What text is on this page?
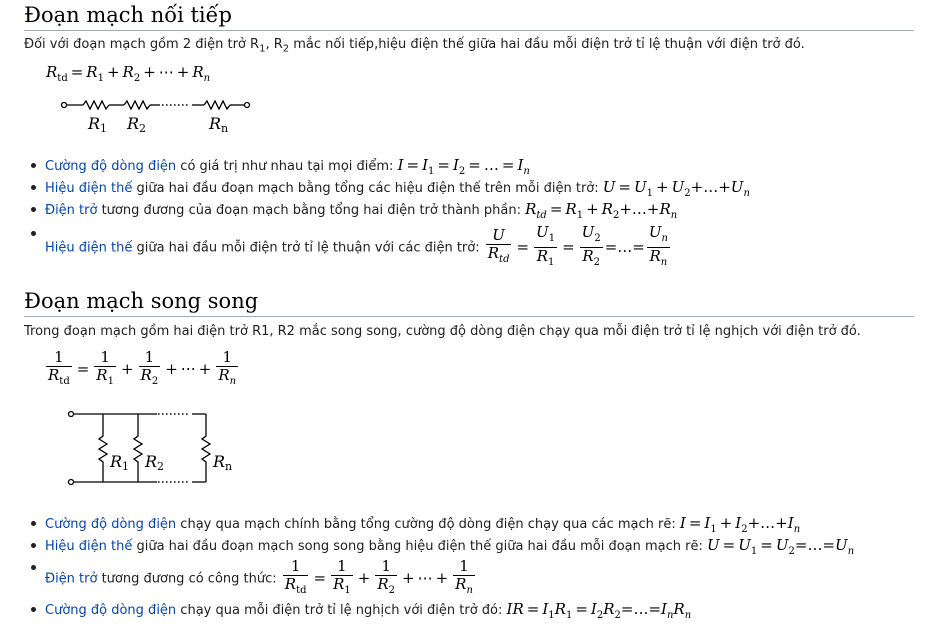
Đoạn mạch nối tiếp

Đối với đoạn mạch gồm 2 điện trở $R_1$, $R_2$ mắc nối tiếp,hiệu điện thế giữa hai đầu mỗi điện trở tỉ lệ thuận với điện trở đó.

$R_{td} = R_1 + R_2$ + ⋯ + $R_n$
R1 R2	Rn
Cường độ dòng điện có giá trị như nhau tại mọi điểm: $I = I_1 = I_2$ = … = $I_n$
Hiệu điện thế giữa hai đầu đoạn mạch bằng tổng các hiệu điện thế trên mỗi điện trở: $U = U_1$ + $U_2+\dots+U_n$
Điện trở tương đương của đoạn mạch bằng tổng hai điện trở thành phần: $R_{td} = R_1$ + $R_2+\dots+R_n$
Hiệu điện thế giữa hai đầu mỗi điện trở tỉ lệ thuận với các điện trở: $\frac{U}{R_{td}} = \frac{U_1}{R_1} = \frac{U_2}{R_2}$ =…= $\frac{U_n}{R_n}$
Đoạn mạch song song

Trong đoạn mạch gồm hai điện trở R1, R2 mắc song song, cường độ dòng điện chạy qua mỗi điện trở tỉ lệ nghịch với điện trở đó.

$\frac{1}{R_{td}} = \frac{1}{R_1} + \frac{1}{R_2}$ + ⋯ + $\frac{1}{R_n}$
R1 R2	Rn
Cường độ dòng điện chạy qua mạch chính bằng tổng cường độ dòng điện chạy qua các mạch rẽ: $I = I_1$ + $I_2+\dots+I_n$
Hiệu điện thế giữa hai đầu đoạn mạch song song bằng hiệu điện thế giữa hai đầu mỗi đoạn mạch rẽ: $U = U_1$ = $U_2=\dots=U_n$
Điện trở tương đương có công thức: $\frac{1}{R_{td}} = \frac{1}{R_1} + \frac{1}{R_2}$ + ⋯ + $\frac{1}{R_n}$
Cường độ dòng điện chạy qua mỗi điện trở tỉ lệ nghịch với điện trở đó: IR = $I_1R_1$ = $I_2R_2=\dots=I_nR_n$
